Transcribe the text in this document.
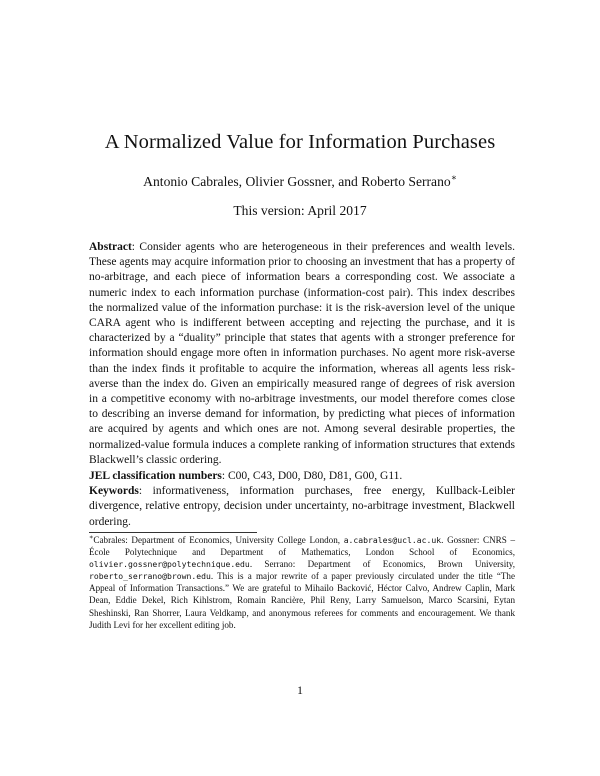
A Normalized Value for Information Purchases
Antonio Cabrales, Olivier Gossner, and Roberto Serrano∗
This version: April 2017

Abstract: Consider agents who are heterogeneous in their preferences and wealth levels. These agents may acquire information prior to choosing an investment that has a property of no-arbitrage, and each piece of information bears a corresponding cost. We associate a numeric index to each information purchase (information-cost pair). This index describes the normalized value of the information purchase: it is the risk-aversion level of the unique CARA agent who is indifferent between accepting and rejecting the purchase, and it is characterized by a “duality” principle that states that agents with a stronger preference for information should engage more often in information purchases. No agent more risk-averse than the index finds it profitable to acquire the information, whereas all agents less risk-averse than the index do. Given an empirically measured range of degrees of risk aversion in a competitive economy with no-arbitrage investments, our model therefore comes close to describing an inverse demand for information, by predicting what pieces of information are acquired by agents and which ones are not. Among several desirable properties, the normalized-value formula induces a complete ranking of information structures that extends Blackwell’s classic ordering.

JEL classification numbers: C00, C43, D00, D80, D81, G00, G11.

Keywords: informativeness, information purchases, free energy, Kullback-Leibler divergence, relative entropy, decision under uncertainty, no-arbitrage investment, Blackwell ordering.

∗Cabrales: Department of Economics, University College London, a.cabrales@ucl.ac.uk. Gossner: CNRS – École Polytechnique and Department of Mathematics, London School of Economics, olivier.gossner@polytechnique.edu. Serrano: Department of Economics, Brown University, roberto_serrano@brown.edu. This is a major rewrite of a paper previously circulated under the title “The Appeal of Information Transactions.” We are grateful to Mihailo Backović, Héctor Calvo, Andrew Caplin, Mark Dean, Eddie Dekel, Rich Kihlstrom, Romain Rancière, Phil Reny, Larry Samuelson, Marco Scarsini, Eytan Sheshinski, Ran Shorrer, Laura Veldkamp, and anonymous referees for comments and encouragement. We thank Judith Levi for her excellent editing job.
1
